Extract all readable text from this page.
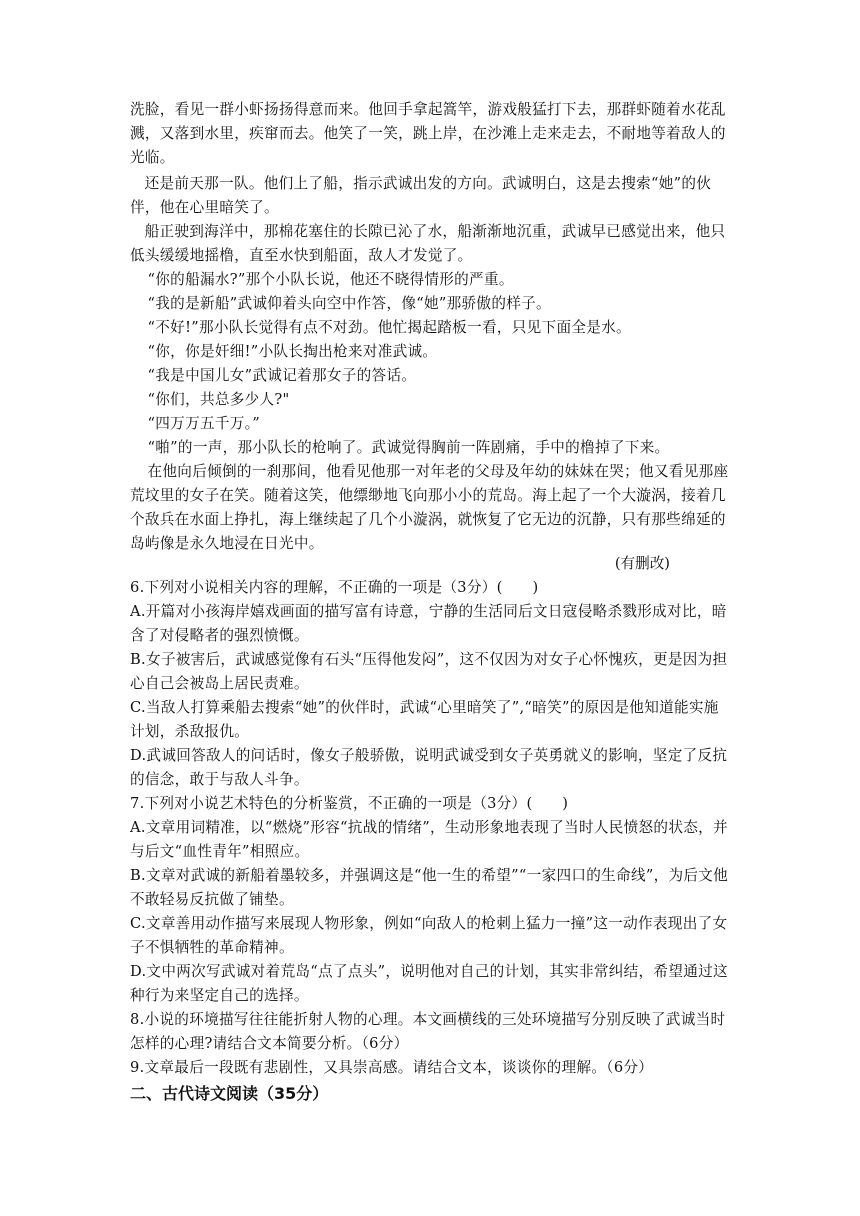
洗脸，看见一群小虾扬扬得意而来。他回手拿起篙竿，游戏般猛打下去，那群虾随着水花乱溅，又落到水里，疾窜而去。他笑了一笑，跳上岸，在沙滩上走来走去，不耐地等着敌人的光临。
还是前天那一队。他们上了船，指示武诚出发的方向。武诚明白，这是去搜索“她”的伙伴，他在心里暗笑了。
船正驶到海洋中，那棉花塞住的长隙已沁了水，船渐渐地沉重，武诚早已感觉出来，他只低头缓缓地摇橹，直至水快到船面，敌人才发觉了。
“你的船漏水?”那个小队长说，他还不晓得情形的严重。
“我的是新船”武诚仰着头向空中作答，像“她”那骄傲的样子。
“不好!”那小队长觉得有点不对劲。他忙揭起踏板一看，只见下面全是水。
“你，你是奸细!”小队长掏出枪来对准武诚。
“我是中国儿女”武诚记着那女子的答话。
“你们，共总多少人?"
“四万万五千万。”
“啪”的一声，那小队长的枪响了。武诚觉得胸前一阵剧痛，手中的橹掉了下来。
在他向后倾倒的一刹那间，他看见他那一对年老的父母及年幼的妹妹在哭；他又看见那座荒坟里的女子在笑。随着这笑，他缥缈地飞向那小小的荒岛。海上起了一个大漩涡，接着几个敌兵在水面上挣扎，海上继续起了几个小漩涡，就恢复了它无边的沉静，只有那些绵延的岛屿像是永久地浸在日光中。
(有删改)
6.下列对小说相关内容的理解，不正确的一项是（3分）(　　)
A.开篇对小孩海岸嬉戏画面的描写富有诗意，宁静的生活同后文日寇侵略杀戮形成对比，暗含了对侵略者的强烈愤慨。
B.女子被害后，武诚感觉像有石头“压得他发闷”，这不仅因为对女子心怀愧疚，更是因为担心自己会被岛上居民责难。
C.当敌人打算乘船去搜索“她”的伙伴时，武诚“心里暗笑了”,“暗笑”的原因是他知道能实施计划，杀敌报仇。
D.武诚回答敌人的问话时，像女子般骄傲，说明武诚受到女子英勇就义的影响，坚定了反抗的信念，敢于与敌人斗争。
7.下列对小说艺术特色的分析鉴赏，不正确的一项是（3分）(　　)
A.文章用词精准，以“燃烧”形容“抗战的情绪”，生动形象地表现了当时人民愤怒的状态，并与后文“血性青年”相照应。
B.文章对武诚的新船着墨较多，并强调这是“他一生的希望”“一家四口的生命线”，为后文他不敢轻易反抗做了铺垫。
C.文章善用动作描写来展现人物形象，例如“向敌人的枪刺上猛力一撞”这一动作表现出了女子不惧牺牲的革命精神。
D.文中两次写武诚对着荒岛“点了点头”，说明他对自己的计划，其实非常纠结，希望通过这种行为来坚定自己的选择。
8.小说的环境描写往往能折射人物的心理。本文画横线的三处环境描写分别反映了武诚当时怎样的心理?请结合文本简要分析。（6分）
9.文章最后一段既有悲剧性，又具崇高感。请结合文本，谈谈你的理解。（6分）
二、古代诗文阅读（35分）
